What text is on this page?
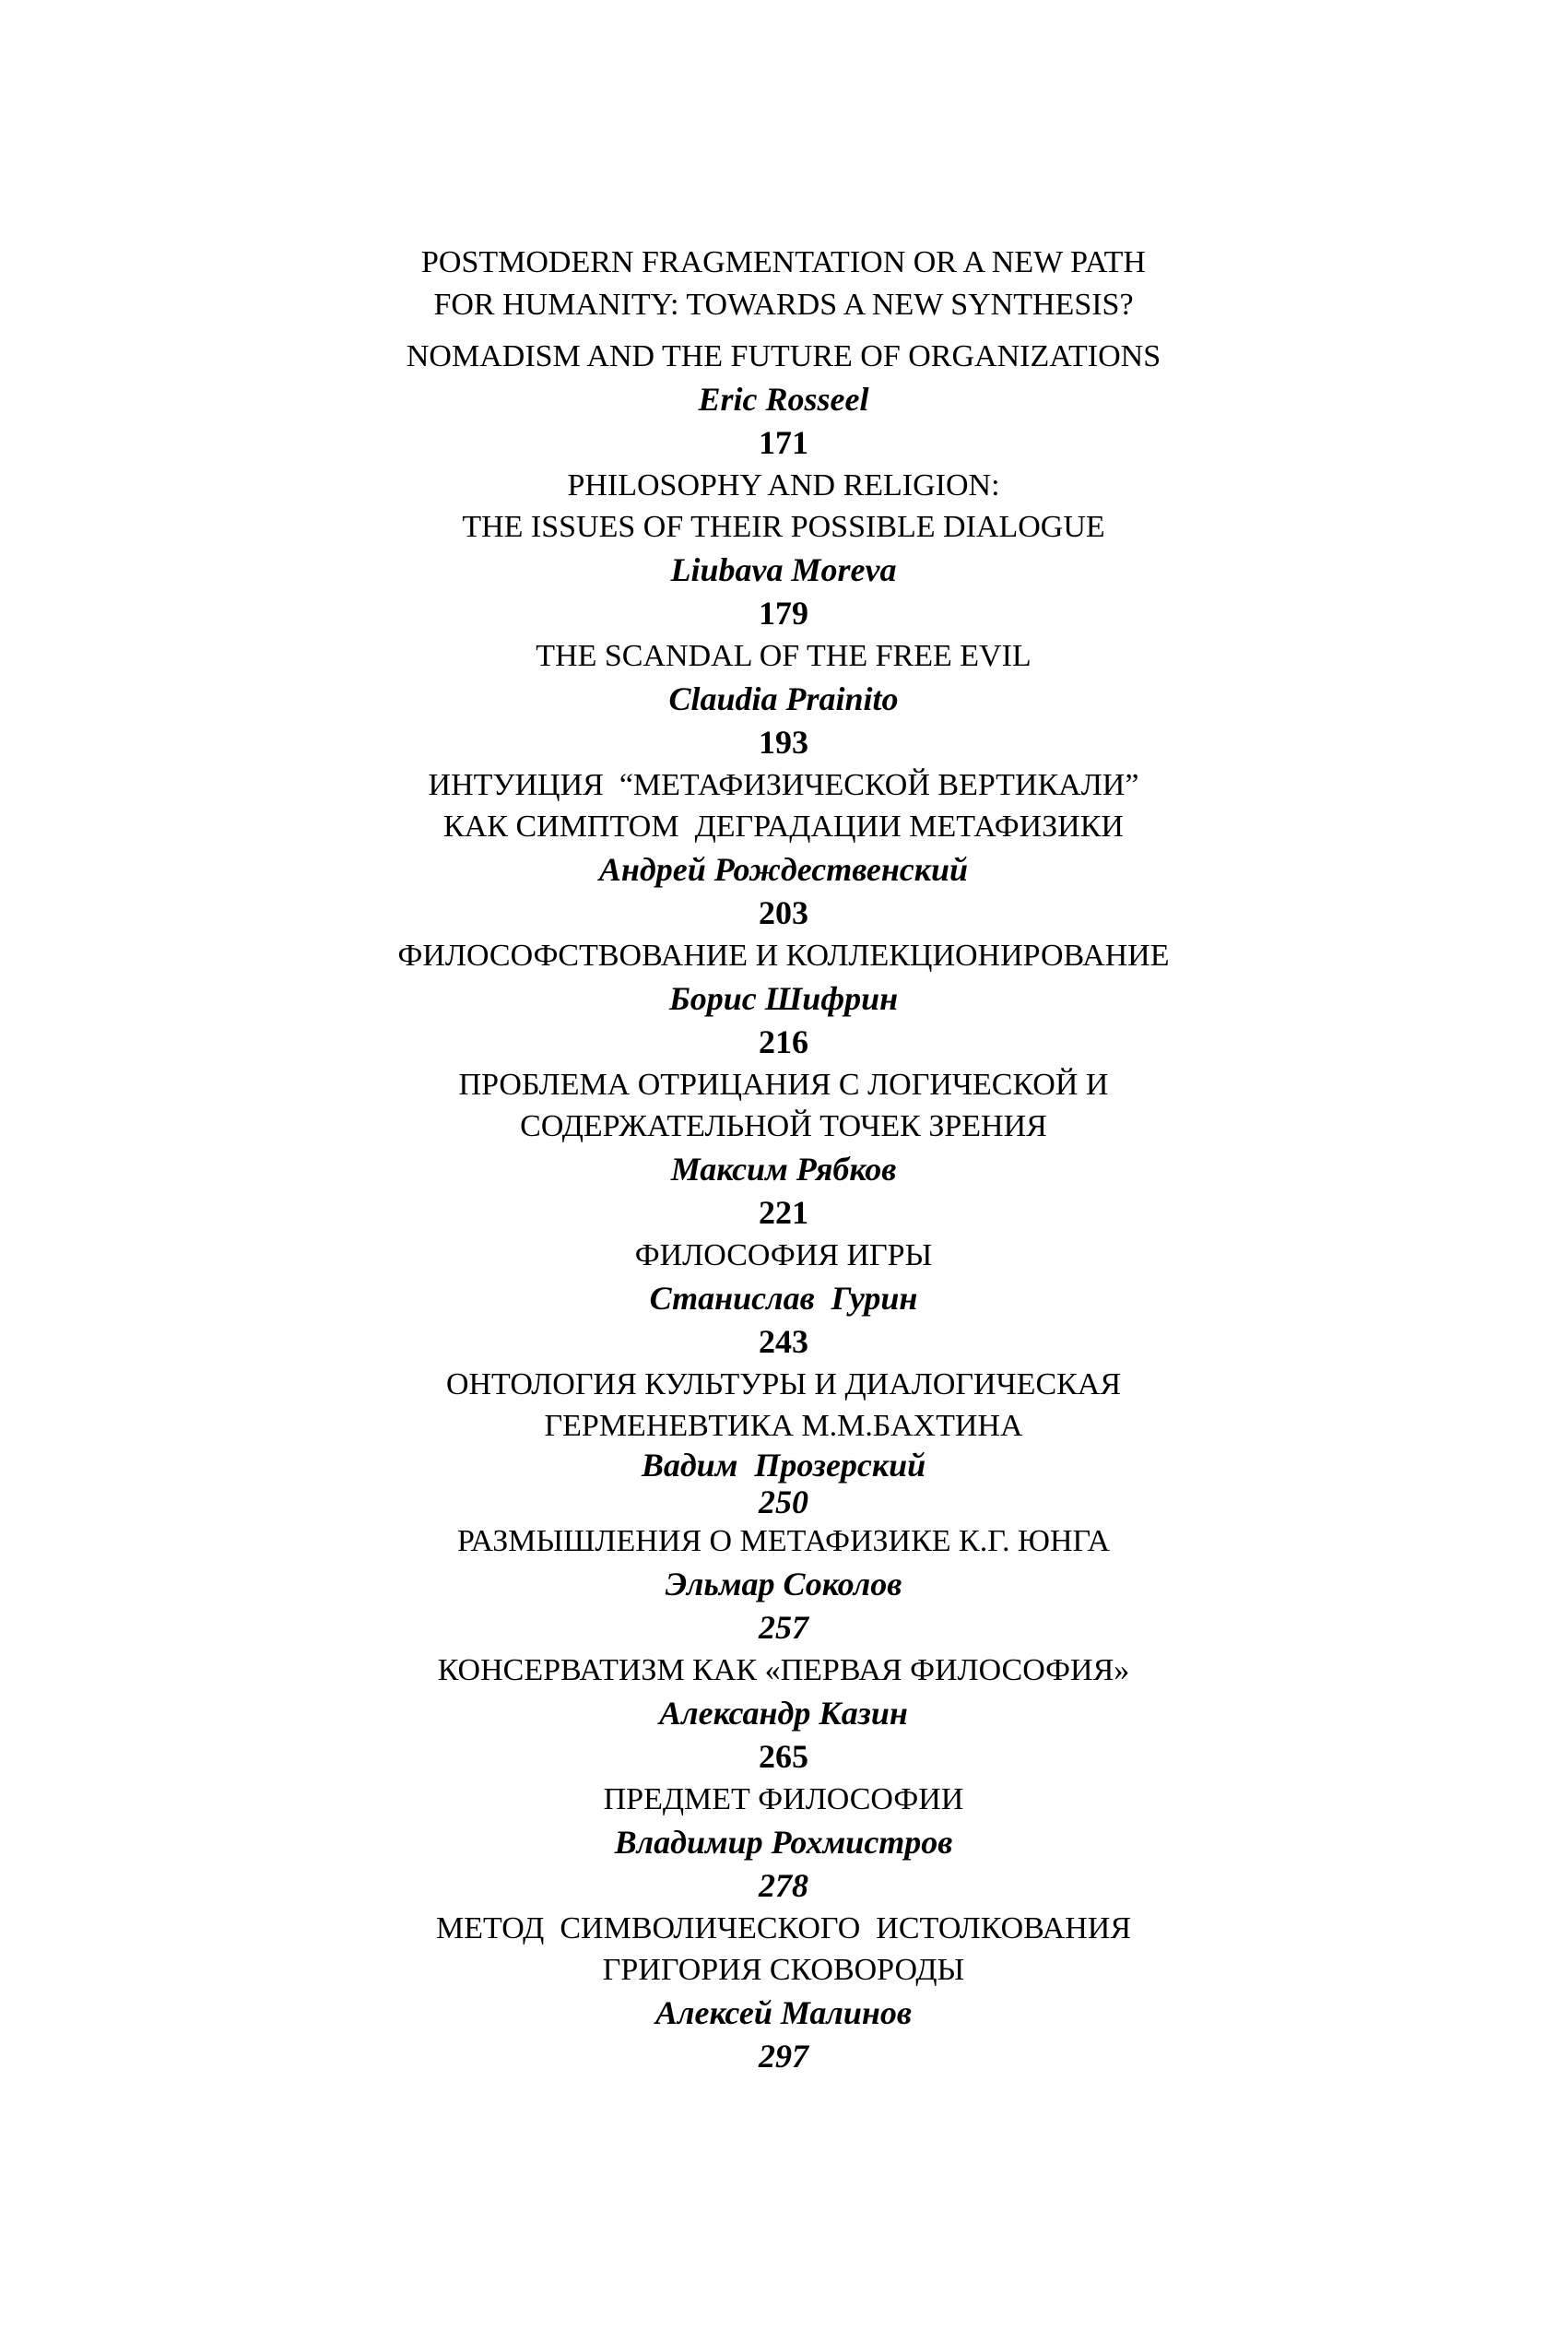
POSTMODERN FRAGMENTATION OR A NEW PATH
FOR HUMANITY: TOWARDS A NEW SYNTHESIS?
NOMADISM AND THE FUTURE OF ORGANIZATIONS
Eric Rosseel
171
PHILOSOPHY AND RELIGION:
THE ISSUES OF THEIR POSSIBLE DIALOGUE
Liubava Moreva
179
THE SCANDAL OF THE FREE EVIL
Claudia Prainito
193
ИНТУИЦИЯ  “МЕТАФИЗИЧЕСКОЙ ВЕРТИКАЛИ”
КАК СИМПТОМ  ДЕГРАДАЦИИ МЕТАФИЗИКИ
Андрей Рождественский
203
ФИЛОСОФСТВОВАНИЕ И КОЛЛЕКЦИОНИРОВАНИЕ
Борис Шифрин
216
ПРОБЛЕМА ОТРИЦАНИЯ С ЛОГИЧЕСКОЙ И
СОДЕРЖАТЕЛЬНОЙ ТОЧЕК ЗРЕНИЯ
Максим Рябков
221
ФИЛОСОФИЯ ИГРЫ
Станислав  Гурин
243
ОНТОЛОГИЯ КУЛЬТУРЫ И ДИАЛОГИЧЕСКАЯ
ГЕРМЕНЕВТИКА М.М.БАХТИНА
Вадим  Прозерский
250
РАЗМЫШЛЕНИЯ О МЕТАФИЗИКЕ К.Г. ЮНГА
Эльмар Соколов
257
КОНСЕРВАТИЗМ КАК «ПЕРВАЯ ФИЛОСОФИЯ»
Александр Казин
265
ПРЕДМЕТ ФИЛОСОФИИ
Владимир Рохмистров
278
МЕТОД  СИМВОЛИЧЕСКОГО  ИСТОЛКОВАНИЯ
ГРИГОРИЯ СКОВОРОДЫ
Алексей Малинов
297
